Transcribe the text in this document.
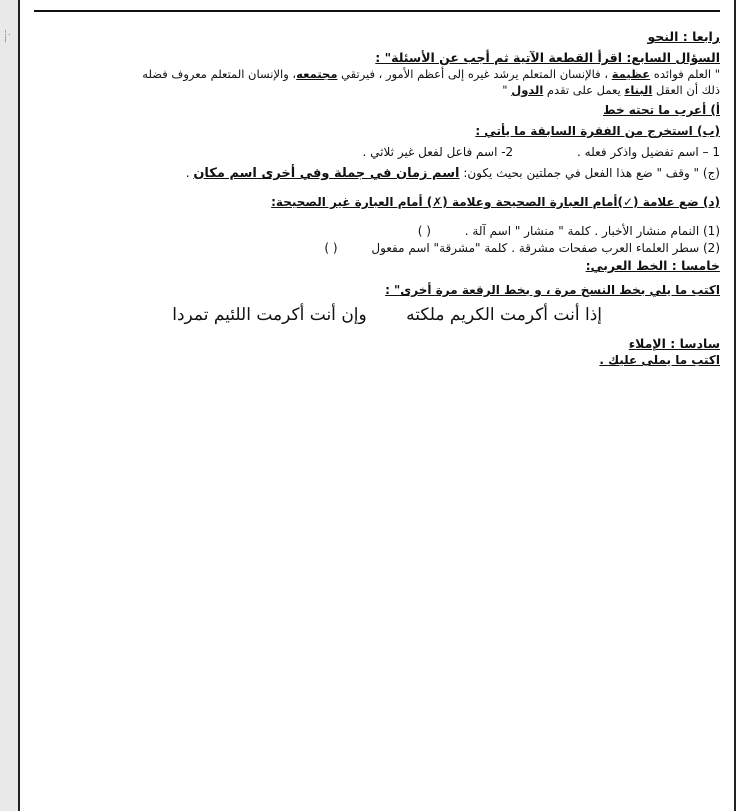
ــ:ـ	رابعا : النحو
السؤال السابع: اقرأ القطعة الآتية ثم أجب عن الأسئلة" :
" العلم فوائده عظيمة ، فالإنسان المتعلم يرشد غيره إلى أعظم الأمور ، فيرتقي مجتمعه، والإنسان المتعلم معروف فضله
ذلك أن العقل البناء يعمل على تقدم الدول "
أ) أعرب ما تحته خط
(ب) استخرج من الفقرة السابقة ما يأتي :
1 – اسم تفضيل واذكر فعله . 2- اسم فاعل لفعل غير ثلاثي .
(ج) " وقف " ضع هذا الفعل في جملتين بحيث يكون: اسم زمان في جملة وفي أخرى اسم مكان .
(د) ضع علامة (✓)أمام العبارة الصحيحة وعلامة (✗) أمام العبارة غير الصحيحة:
(1) النمام منشار الأخبار . كلمة " منشار " اسم آلة . ( )
(2) سطر العلماء العرب صفحات مشرقة . كلمة "مشرقة" اسم مفعول ( )
خامسا : الخط العربي:
اكتب ما يلي بخط النسخ مرة ، و بخط الرقعة مرة أخرى" :
إذا أنت أكرمت الكريم ملكته وإن أنت أكرمت اللئيم تمردا
سادسا : الإملاء
اكتب ما يملى عليك .
